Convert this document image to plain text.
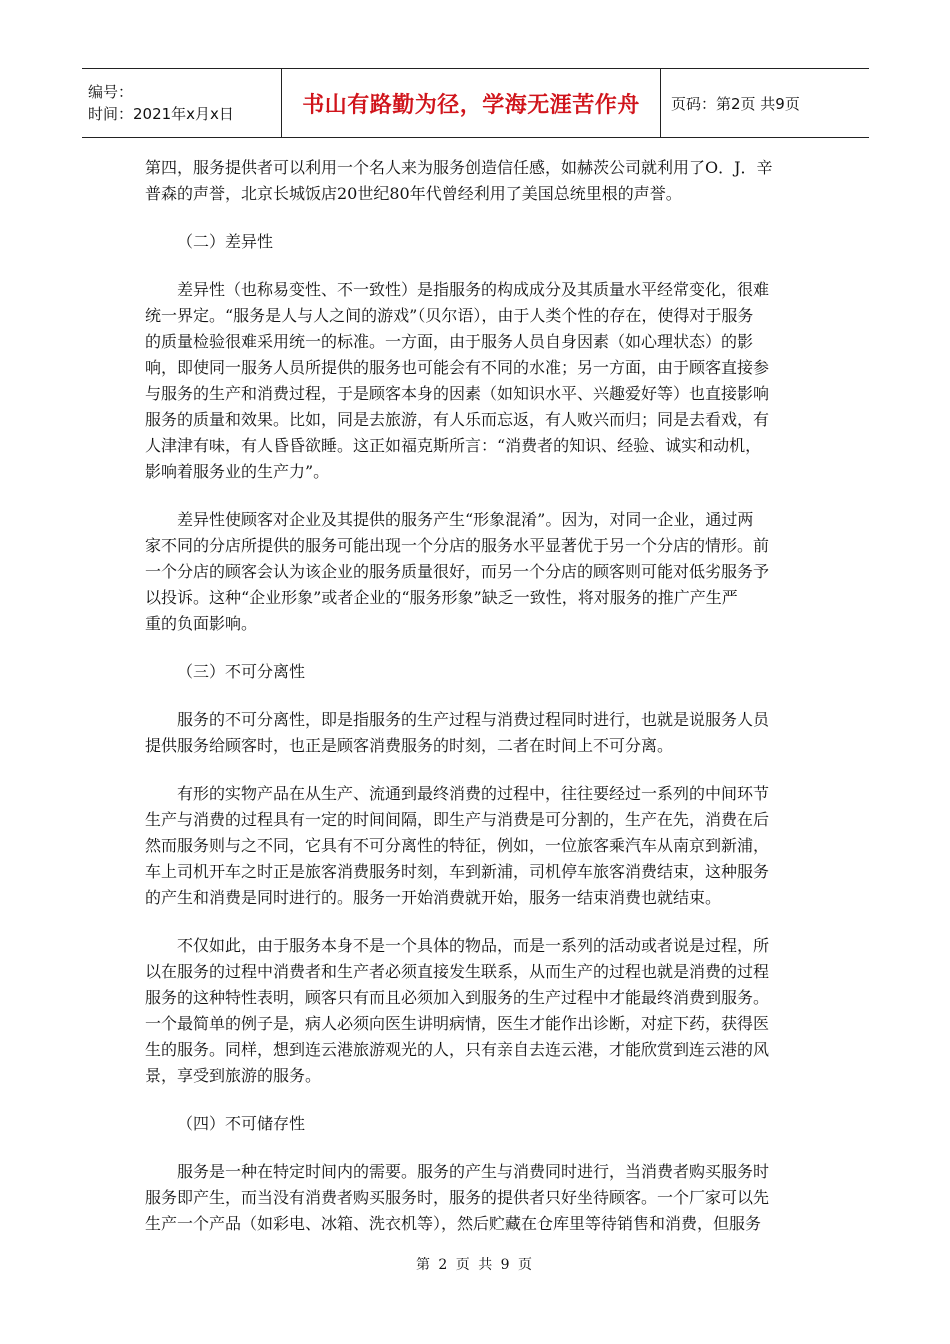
编号：
时间：2021年x月x日	书山有路勤为径，学海无涯苦作舟 页码：第2页 共9页

第四，服务提供者可以利用一个名人来为服务创造信任感，如赫茨公司就利用了O．J．辛
普森的声誉，北京长城饭店20世纪80年代曾经利用了美国总统里根的声誉。

（二）差异性

差异性（也称易变性、不一致性）是指服务的构成成分及其质量水平经常变化，很难
统一界定。“服务是人与人之间的游戏”（贝尔语），由于人类个性的存在，使得对于服务
的质量检验很难采用统一的标准。一方面，由于服务人员自身因素（如心理状态）的影
响，即使同一服务人员所提供的服务也可能会有不同的水准；另一方面，由于顾客直接参
与服务的生产和消费过程，于是顾客本身的因素（如知识水平、兴趣爱好等）也直接影响
服务的质量和效果。比如，同是去旅游，有人乐而忘返，有人败兴而归；同是去看戏，有
人津津有味，有人昏昏欲睡。这正如福克斯所言：“消费者的知识、经验、诚实和动机，
影响着服务业的生产力”。

差异性使顾客对企业及其提供的服务产生“形象混淆”。因为，对同一企业，通过两
家不同的分店所提供的服务可能出现一个分店的服务水平显著优于另一个分店的情形。前
一个分店的顾客会认为该企业的服务质量很好，而另一个分店的顾客则可能对低劣服务予
以投诉。这种“企业形象”或者企业的“服务形象”缺乏一致性，将对服务的推广产生严
重的负面影响。

（三）不可分离性

服务的不可分离性，即是指服务的生产过程与消费过程同时进行，也就是说服务人员
提供服务给顾客时，也正是顾客消费服务的时刻，二者在时间上不可分离。

有形的实物产品在从生产、流通到最终消费的过程中，往往要经过一系列的中间环节
生产与消费的过程具有一定的时间间隔，即生产与消费是可分割的，生产在先，消费在后
然而服务则与之不同，它具有不可分离性的特征，例如，一位旅客乘汽车从南京到新浦，
车上司机开车之时正是旅客消费服务时刻，车到新浦，司机停车旅客消费结束，这种服务
的产生和消费是同时进行的。服务一开始消费就开始，服务一结束消费也就结束。

不仅如此，由于服务本身不是一个具体的物品，而是一系列的活动或者说是过程，所
以在服务的过程中消费者和生产者必须直接发生联系，从而生产的过程也就是消费的过程
服务的这种特性表明，顾客只有而且必须加入到服务的生产过程中才能最终消费到服务。
一个最简单的例子是，病人必须向医生讲明病情，医生才能作出诊断，对症下药，获得医
生的服务。同样，想到连云港旅游观光的人，只有亲自去连云港，才能欣赏到连云港的风
景，享受到旅游的服务。

（四）不可储存性

服务是一种在特定时间内的需要。服务的产生与消费同时进行，当消费者购买服务时
服务即产生，而当没有消费者购买服务时，服务的提供者只好坐待顾客。一个厂家可以先
生产一个产品（如彩电、冰箱、洗衣机等），然后贮藏在仓库里等待销售和消费，但服务

第 2 页 共 9 页
